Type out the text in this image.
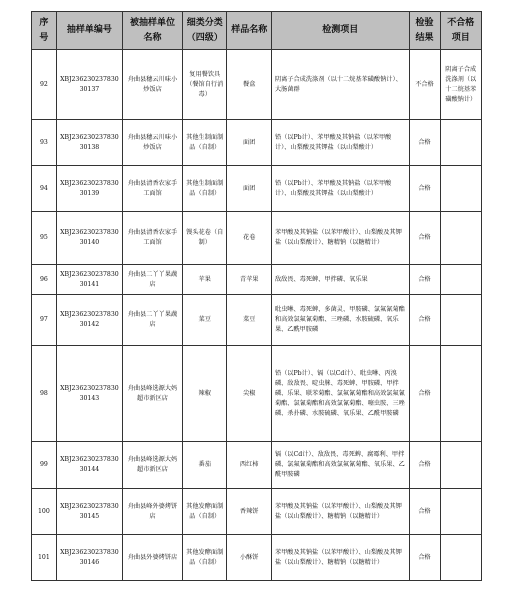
序号	抽样单编号	被抽样单位名称	细类分类（四级）	样品名称	检测项目	检验结果	不合格项目
92	XBJ23623023783030137	舟曲县穗云川味小炒饭店	复用餐饮具（餐馆自行消毒）	餐盒	阴离子合成洗涤剂（以十二烷基苯磺酸钠计）、大肠菌群	不合格	阴离子合成洗涤剂（以十二烷基苯磺酸钠计）
93	XBJ23623023783030138	舟曲县穗云川味小炒饭店	其他生制面制品（自制）	面团	铅（以Pb计）、苯甲酸及其钠盐（以苯甲酸计）、山梨酸及其钾盐（以山梨酸计）	合格	
94	XBJ23623023783030139	舟曲县清香农家手工面馆	其他生制面制品（自制）	面团	铅（以Pb计）、苯甲酸及其钠盐（以苯甲酸计）、山梨酸及其钾盐（以山梨酸计）	合格	
95	XBJ23623023783030140	舟曲县清香农家手工面馆	馒头花卷（自制）	花卷	苯甲酸及其钠盐（以苯甲酸计）、山梨酸及其钾盐（以山梨酸计）、糖精钠（以糖精计）	合格	
96	XBJ23623023783030141	舟曲县二丫丫果蔬店	苹果	青苹果	敌敌畏、毒死蜱、甲拌磷、氧乐果	合格	
97	XBJ23623023783030142	舟曲县二丫丫果蔬店	菜豆	菜豆	吡虫啉、毒死蜱、多菌灵、甲胺磷、氯氟氰菊酯和高效氯氟氰菊酯、三唑磷、水胺硫磷、氧乐果、乙酰甲胺磷	合格	
98	XBJ23623023783030143	舟曲县峰选源大妈超市新区店	辣椒	尖椒	铅（以Pb计）、镉（以Cd计）、吡虫啉、丙溴磷、敌敌畏、啶虫脒、毒死蜱、甲胺磷、甲拌磷、乐果、联苯菊酯、氯氟氰菊酯和高效氯氟氰菊酯、氯氰菊酯和高效氯氰菊酯、噻虫胺、三唑磷、杀扑磷、水胺硫磷、氧乐果、乙酰甲胺磷	合格	
99	XBJ23623023783030144	舟曲县峰选源大妈超市新区店	番茄	西红柿	镉（以Cd计）、敌敌畏、毒死蜱、腐霉利、甲拌磷、氯氟氰菊酯和高效氯氟氰菊酯、氧乐果、乙酰甲胺磷	合格	
100	XBJ23623023783030145	舟曲县峰外婆烤饼店	其他发酵面制品（自制）	香辣饼	苯甲酸及其钠盐（以苯甲酸计）、山梨酸及其钾盐（以山梨酸计）、糖精钠（以糖精计）	合格	
101	XBJ23623023783030146	舟曲县外婆烤饼店	其他发酵面制品（自制）	小酥饼	苯甲酸及其钠盐（以苯甲酸计）、山梨酸及其钾盐（以山梨酸计）、糖精钠（以糖精计）	合格	
